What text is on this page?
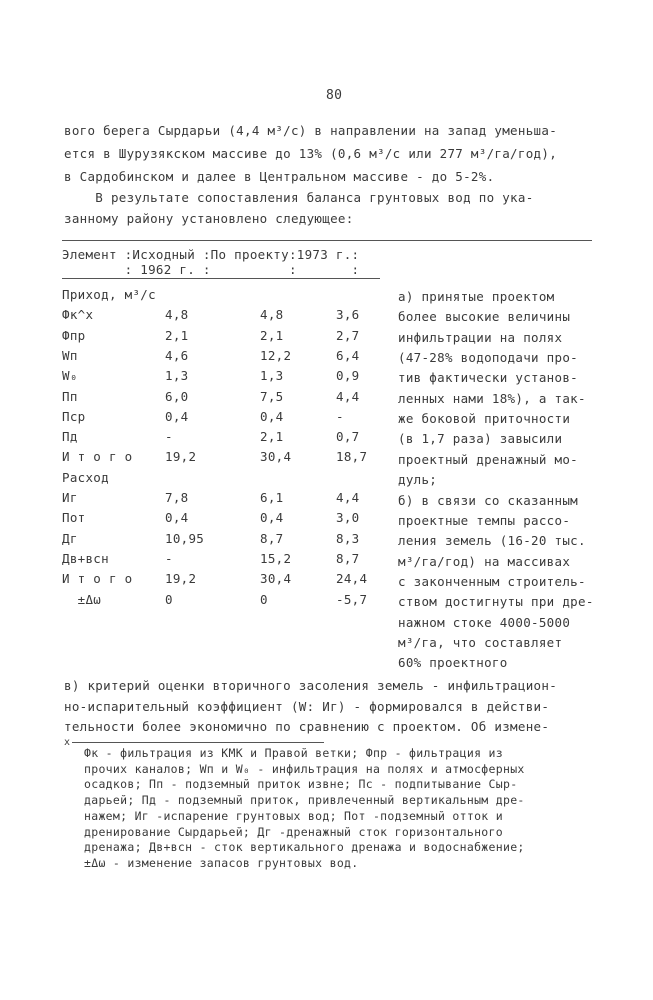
80
вого берега Сырдарьи (4,4 м³/с) в направлении на запад уменьша-
ется в Шурузякском массиве до 13% (0,6 м³/с или 277 м³/га/год),
в Сардобинском и далее в Центральном массиве - до 5-2%.
В результате сопоставления баланса грунтовых вод по ука-
занному району установлено следующее:
Элемент :Исходный :По проекту:1973 г.:
: 1962 г. :          :       :
Приход, м³/с
Фк^x	4,8	4,8	3,6
Фпр	2,1	2,1	2,7
Wп	4,6	12,2	6,4
W₀	1,3	1,3	0,9
Пп	6,0	7,5	4,4
Пср	0,4	0,4	-
Пд	-	2,1	0,7
И т о г о	19,2	30,4	18,7
Расход
Иг	7,8	6,1	4,4
Пот	0,4	0,4	3,0
Дг	10,95	8,7	8,3
Дв+всн	-	15,2	8,7
И т о г о	19,2	30,4	24,4
±Δω	0	0	-5,7
а) принятые проектом
более высокие величины
инфильтрации на полях
(47-28% водоподачи про-
тив фактически установ-
ленных нами 18%), а так-
же боковой приточности
(в 1,7 раза) завысили
проектный дренажный мо-
дуль;
б) в связи со сказанным
проектные темпы рассо-
ления земель (16-20 тыс.
м³/га/год) на массивах
с законченным строитель-
ством достигнуты при дре-
нажном стоке 4000-5000
м³/га, что составляет
60% проектного
в) критерий оценки вторичного засоления земель - инфильтрацион-
но-испарительный коэффициент (W: Иг) - формировался в действи-
тельности более экономично по сравнению с проектом. Об измене-
x
Фк - фильтрация из КМК и Правой ветки; Фпр - фильтрация из
прочих каналов; Wп и W₀ - инфильтрация на полях и атмосферных
осадков; Пп - подземный приток извне; Пс - подпитывание Сыр-
дарьей; Пд - подземный приток, привлеченный вертикальным дре-
нажем; Иг -испарение грунтовых вод; Пот -подземный отток и
дренирование Сырдарьей; Дг -дренажный сток горизонтального
дренажа; Дв+всн - сток вертикального дренажа и водоснабжение;
±Δω - изменение запасов грунтовых вод.
